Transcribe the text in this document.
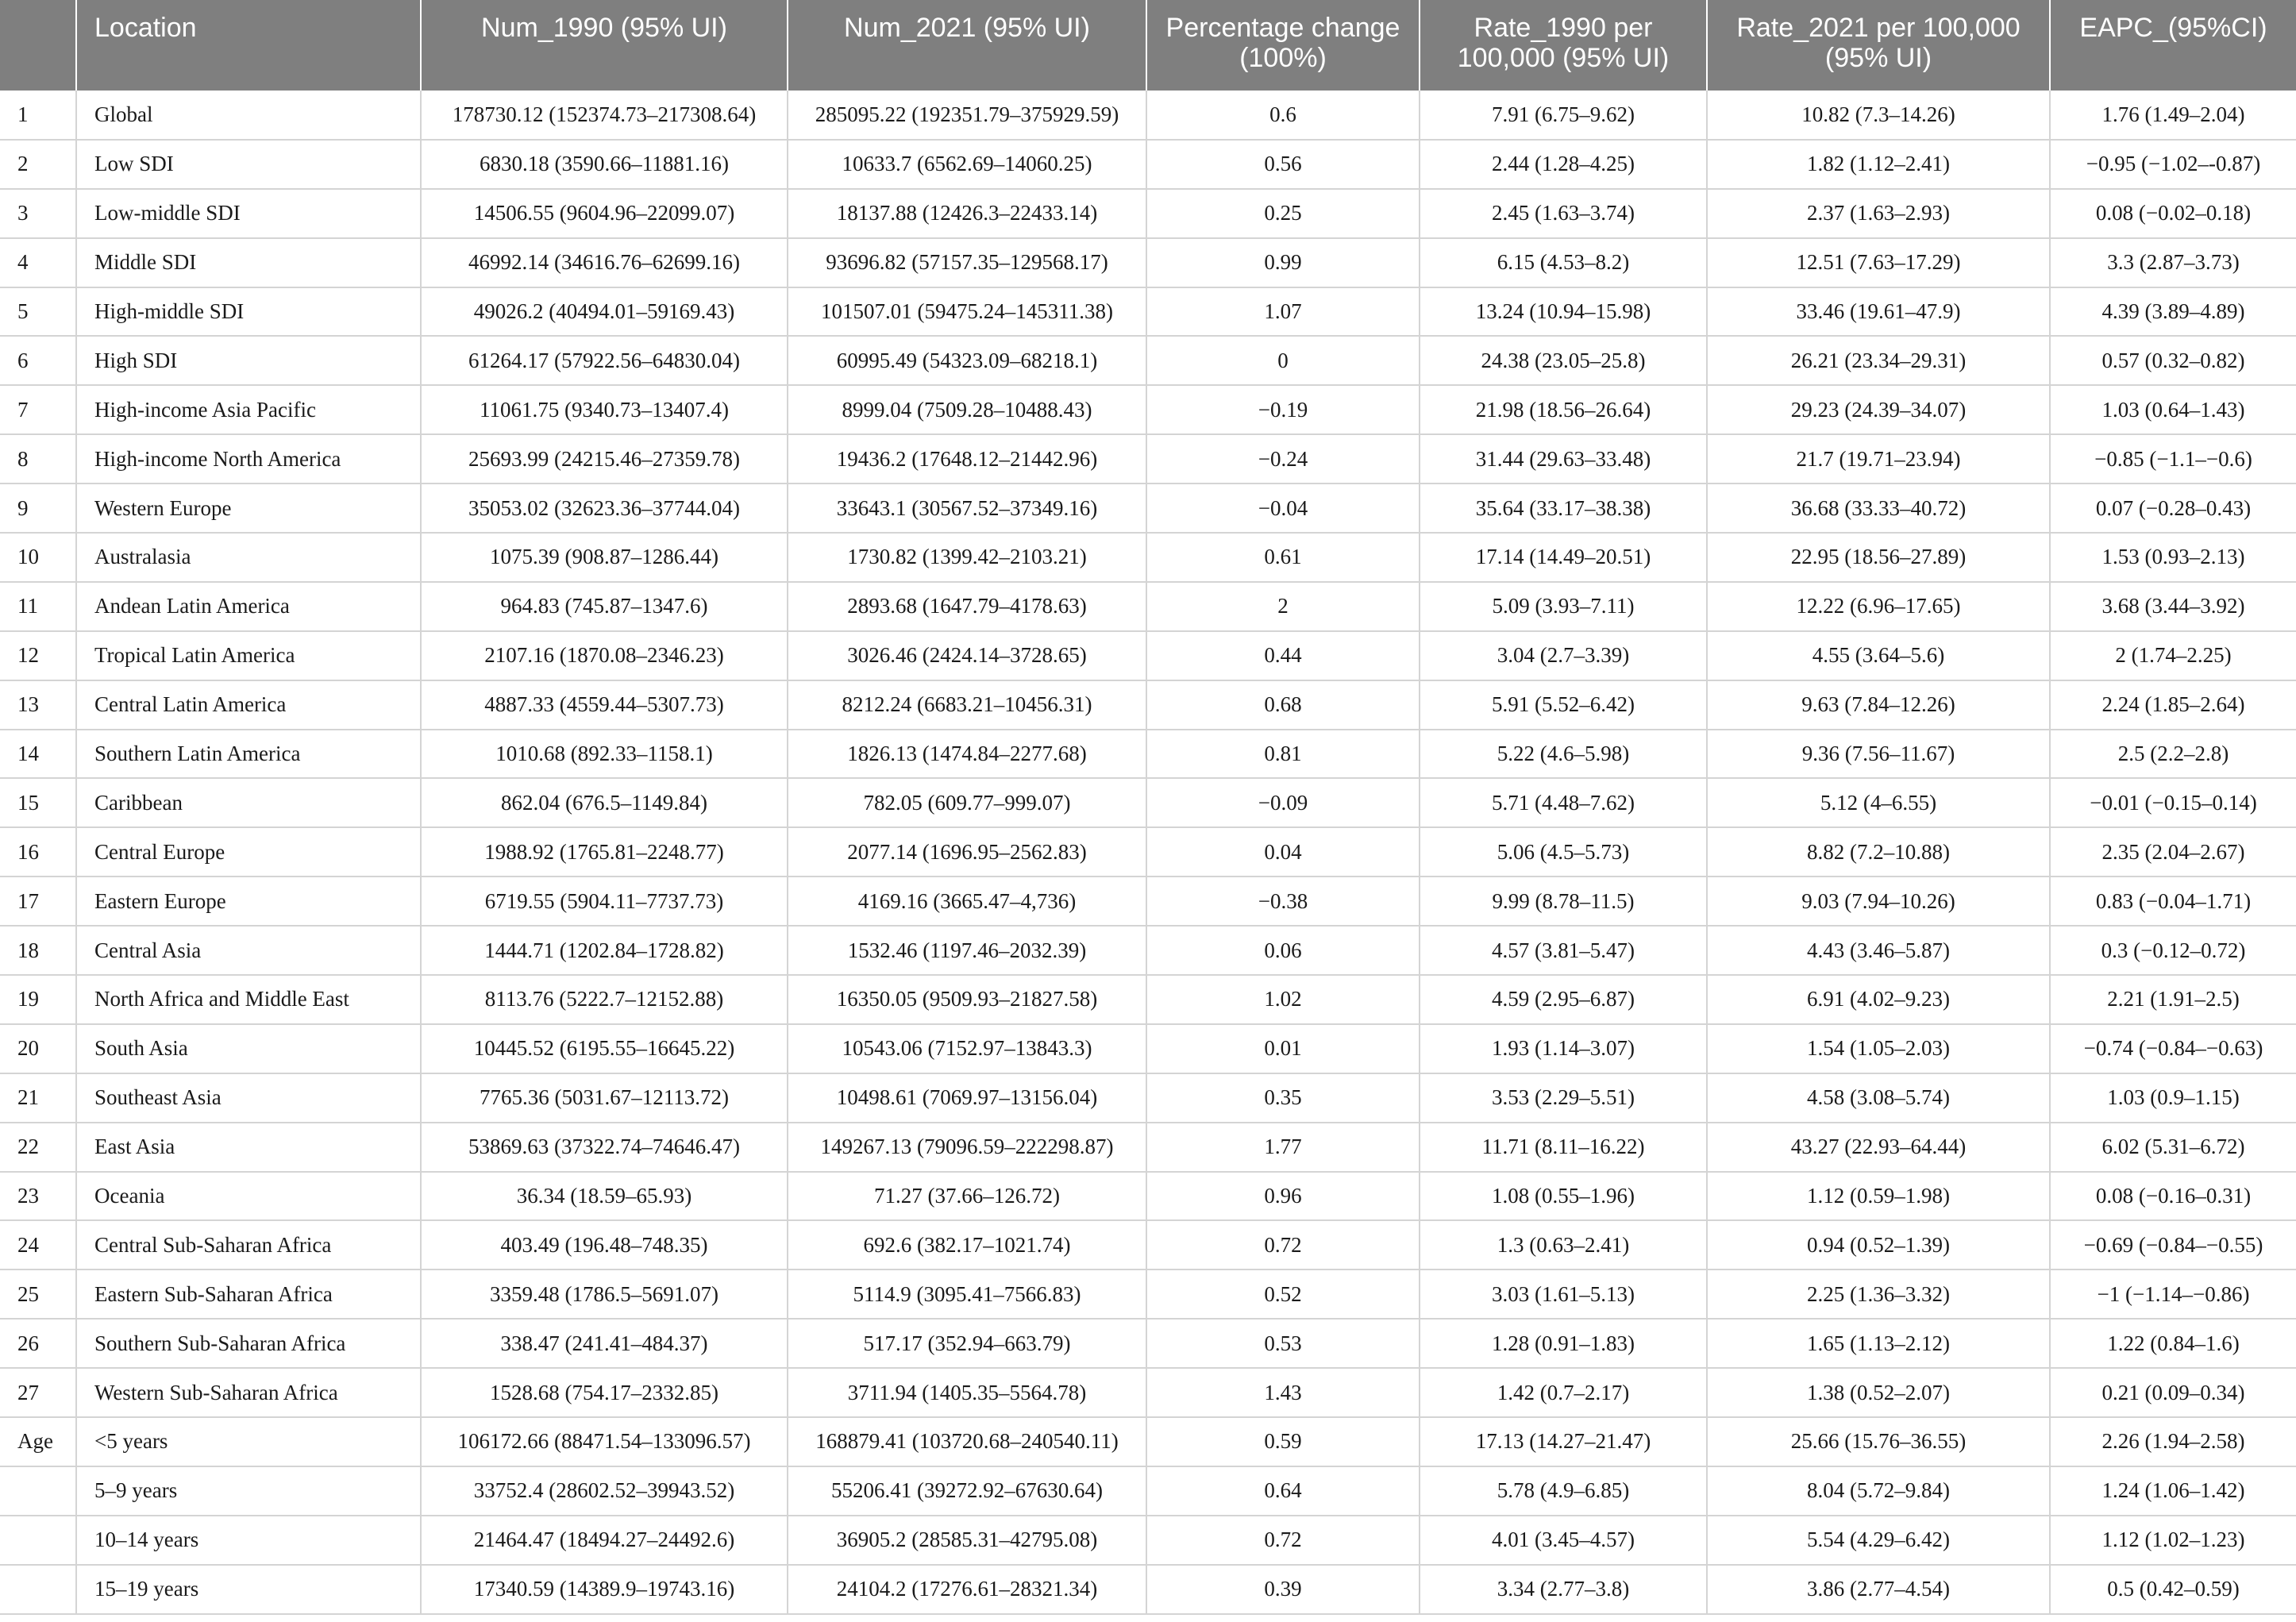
	Location	Num_1990 (95% UI)	Num_2021 (95% UI)	Percentage change (100%)	Rate_1990 per 100,000 (95% UI)	Rate_2021 per 100,000 (95% UI)	EAPC_(95%CI)
1	Global	178730.12 (152374.73–217308.64)	285095.22 (192351.79–375929.59)	0.6	7.91 (6.75–9.62)	10.82 (7.3–14.26)	1.76 (1.49–2.04)
2	Low SDI	6830.18 (3590.66–11881.16)	10633.7 (6562.69–14060.25)	0.56	2.44 (1.28–4.25)	1.82 (1.12–2.41)	−0.95 (−1.02–-0.87)
3	Low-middle SDI	14506.55 (9604.96–22099.07)	18137.88 (12426.3–22433.14)	0.25	2.45 (1.63–3.74)	2.37 (1.63–2.93)	0.08 (−0.02–0.18)
4	Middle SDI	46992.14 (34616.76–62699.16)	93696.82 (57157.35–129568.17)	0.99	6.15 (4.53–8.2)	12.51 (7.63–17.29)	3.3 (2.87–3.73)
5	High-middle SDI	49026.2 (40494.01–59169.43)	101507.01 (59475.24–145311.38)	1.07	13.24 (10.94–15.98)	33.46 (19.61–47.9)	4.39 (3.89–4.89)
6	High SDI	61264.17 (57922.56–64830.04)	60995.49 (54323.09–68218.1)	0	24.38 (23.05–25.8)	26.21 (23.34–29.31)	0.57 (0.32–0.82)
7	High-income Asia Pacific	11061.75 (9340.73–13407.4)	8999.04 (7509.28–10488.43)	−0.19	21.98 (18.56–26.64)	29.23 (24.39–34.07)	1.03 (0.64–1.43)
8	High-income North America	25693.99 (24215.46–27359.78)	19436.2 (17648.12–21442.96)	−0.24	31.44 (29.63–33.48)	21.7 (19.71–23.94)	−0.85 (−1.1–−0.6)
9	Western Europe	35053.02 (32623.36–37744.04)	33643.1 (30567.52–37349.16)	−0.04	35.64 (33.17–38.38)	36.68 (33.33–40.72)	0.07 (−0.28–0.43)
10	Australasia	1075.39 (908.87–1286.44)	1730.82 (1399.42–2103.21)	0.61	17.14 (14.49–20.51)	22.95 (18.56–27.89)	1.53 (0.93–2.13)
11	Andean Latin America	964.83 (745.87–1347.6)	2893.68 (1647.79–4178.63)	2	5.09 (3.93–7.11)	12.22 (6.96–17.65)	3.68 (3.44–3.92)
12	Tropical Latin America	2107.16 (1870.08–2346.23)	3026.46 (2424.14–3728.65)	0.44	3.04 (2.7–3.39)	4.55 (3.64–5.6)	2 (1.74–2.25)
13	Central Latin America	4887.33 (4559.44–5307.73)	8212.24 (6683.21–10456.31)	0.68	5.91 (5.52–6.42)	9.63 (7.84–12.26)	2.24 (1.85–2.64)
14	Southern Latin America	1010.68 (892.33–1158.1)	1826.13 (1474.84–2277.68)	0.81	5.22 (4.6–5.98)	9.36 (7.56–11.67)	2.5 (2.2–2.8)
15	Caribbean	862.04 (676.5–1149.84)	782.05 (609.77–999.07)	−0.09	5.71 (4.48–7.62)	5.12 (4–6.55)	−0.01 (−0.15–0.14)
16	Central Europe	1988.92 (1765.81–2248.77)	2077.14 (1696.95–2562.83)	0.04	5.06 (4.5–5.73)	8.82 (7.2–10.88)	2.35 (2.04–2.67)
17	Eastern Europe	6719.55 (5904.11–7737.73)	4169.16 (3665.47–4,736)	−0.38	9.99 (8.78–11.5)	9.03 (7.94–10.26)	0.83 (−0.04–1.71)
18	Central Asia	1444.71 (1202.84–1728.82)	1532.46 (1197.46–2032.39)	0.06	4.57 (3.81–5.47)	4.43 (3.46–5.87)	0.3 (−0.12–0.72)
19	North Africa and Middle East	8113.76 (5222.7–12152.88)	16350.05 (9509.93–21827.58)	1.02	4.59 (2.95–6.87)	6.91 (4.02–9.23)	2.21 (1.91–2.5)
20	South Asia	10445.52 (6195.55–16645.22)	10543.06 (7152.97–13843.3)	0.01	1.93 (1.14–3.07)	1.54 (1.05–2.03)	−0.74 (−0.84–−0.63)
21	Southeast Asia	7765.36 (5031.67–12113.72)	10498.61 (7069.97–13156.04)	0.35	3.53 (2.29–5.51)	4.58 (3.08–5.74)	1.03 (0.9–1.15)
22	East Asia	53869.63 (37322.74–74646.47)	149267.13 (79096.59–222298.87)	1.77	11.71 (8.11–16.22)	43.27 (22.93–64.44)	6.02 (5.31–6.72)
23	Oceania	36.34 (18.59–65.93)	71.27 (37.66–126.72)	0.96	1.08 (0.55–1.96)	1.12 (0.59–1.98)	0.08 (−0.16–0.31)
24	Central Sub-Saharan Africa	403.49 (196.48–748.35)	692.6 (382.17–1021.74)	0.72	1.3 (0.63–2.41)	0.94 (0.52–1.39)	−0.69 (−0.84–−0.55)
25	Eastern Sub-Saharan Africa	3359.48 (1786.5–5691.07)	5114.9 (3095.41–7566.83)	0.52	3.03 (1.61–5.13)	2.25 (1.36–3.32)	−1 (−1.14–−0.86)
26	Southern Sub-Saharan Africa	338.47 (241.41–484.37)	517.17 (352.94–663.79)	0.53	1.28 (0.91–1.83)	1.65 (1.13–2.12)	1.22 (0.84–1.6)
27	Western Sub-Saharan Africa	1528.68 (754.17–2332.85)	3711.94 (1405.35–5564.78)	1.43	1.42 (0.7–2.17)	1.38 (0.52–2.07)	0.21 (0.09–0.34)
Age	<5 years	106172.66 (88471.54–133096.57)	168879.41 (103720.68–240540.11)	0.59	17.13 (14.27–21.47)	25.66 (15.76–36.55)	2.26 (1.94–2.58)
	5–9 years	33752.4 (28602.52–39943.52)	55206.41 (39272.92–67630.64)	0.64	5.78 (4.9–6.85)	8.04 (5.72–9.84)	1.24 (1.06–1.42)
	10–14 years	21464.47 (18494.27–24492.6)	36905.2 (28585.31–42795.08)	0.72	4.01 (3.45–4.57)	5.54 (4.29–6.42)	1.12 (1.02–1.23)
	15–19 years	17340.59 (14389.9–19743.16)	24104.2 (17276.61–28321.34)	0.39	3.34 (2.77–3.8)	3.86 (2.77–4.54)	0.5 (0.42–0.59)
